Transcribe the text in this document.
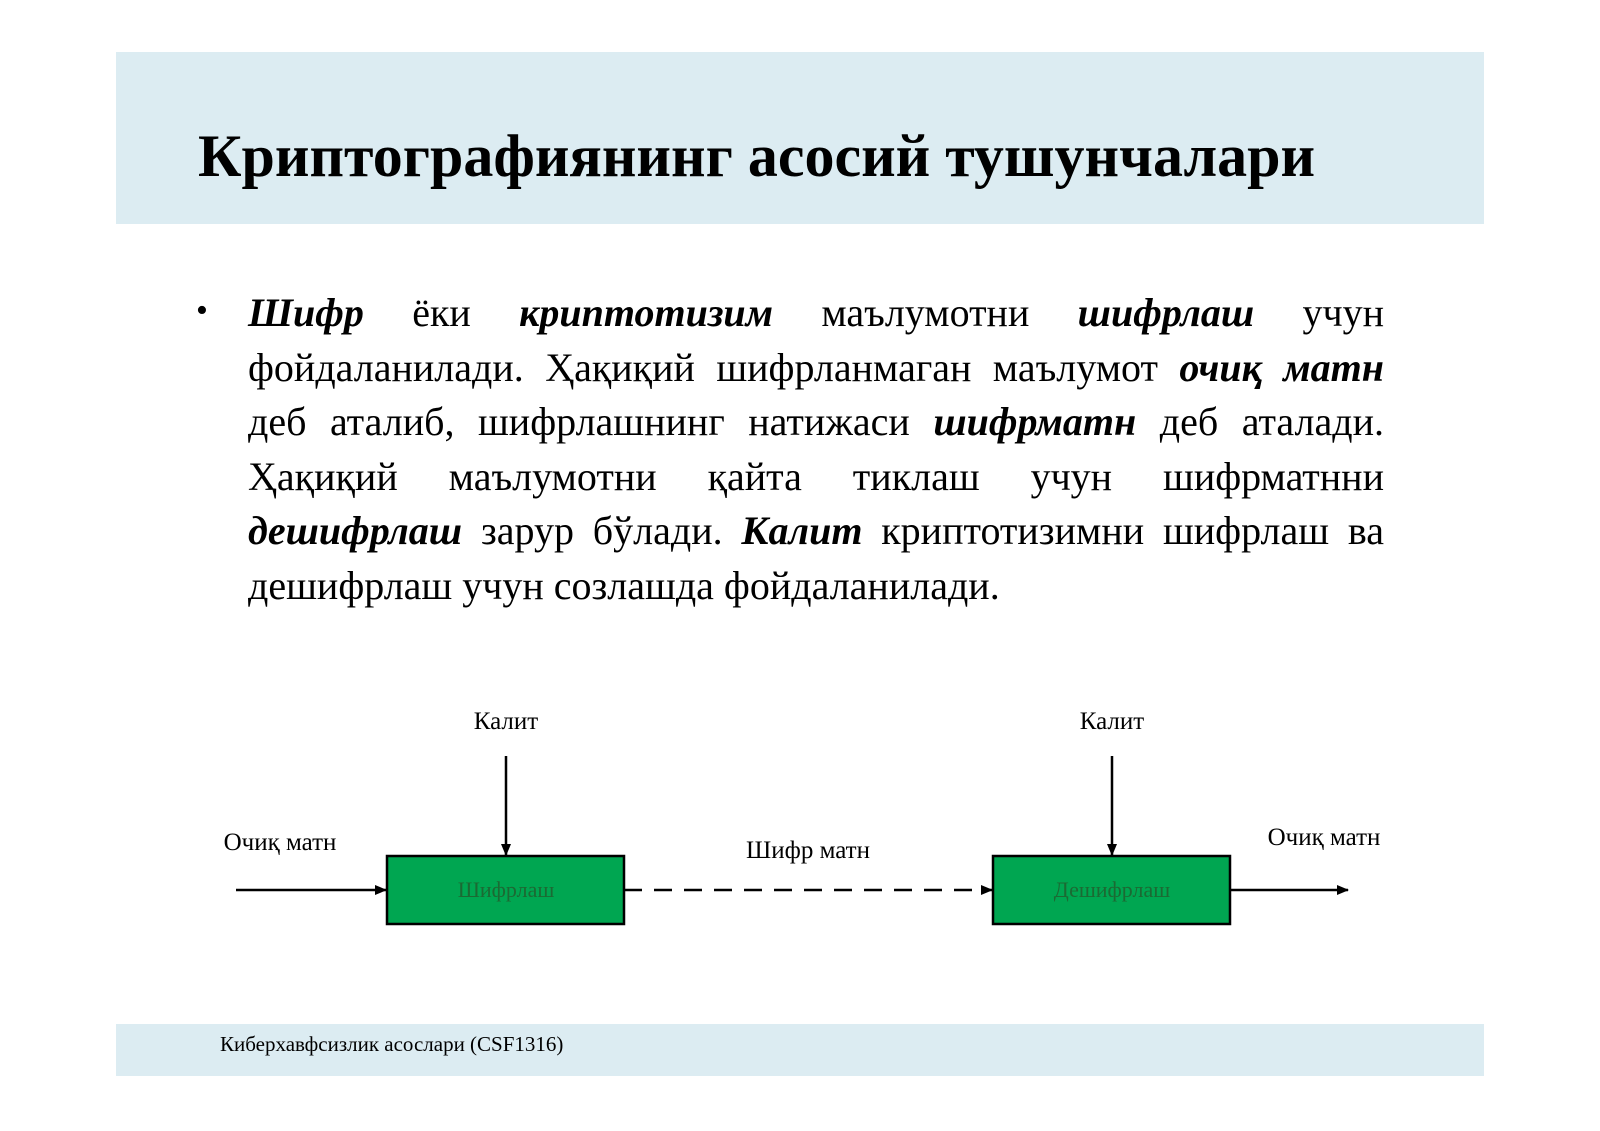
Криптографиянинг асосий тушунчалари
• Шифр ёки криптотизим маълумотни шифрлаш учун фойдаланилади. Ҳақиқий шифрланмаган маълумот очиқ матн деб аталиб, шифрлашнинг натижаси шифрматн деб аталади. Ҳақиқий маълумотни қайта тиклаш учун шифрматнни дешифрлаш зарур бўлади. Калит криптотизимни шифрлаш ва дешифрлаш учун созлашда фойдаланилади.
Калит	Калит
Очиқ матн	Шифр матн	Очиқ матн
Шифрлаш	Дешифрлаш
Киберхавфсизлик асослари (CSF1316)
